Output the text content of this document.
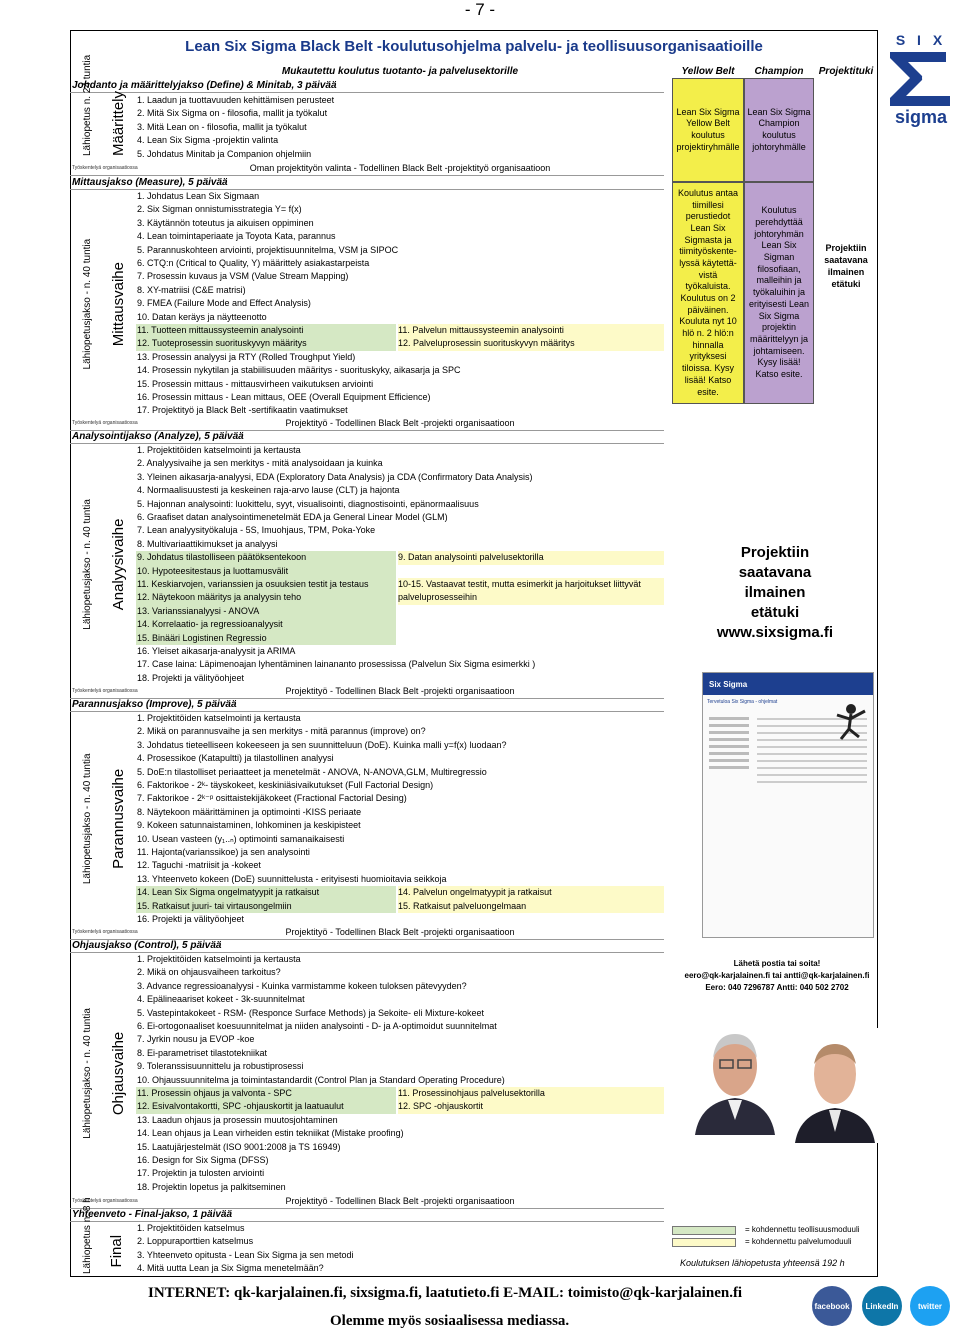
- 7 -
Lean Six Sigma Black Belt -koulutusohjelma palvelu- ja teollisuusorganisaatioille
Mukautettu koulutus tuotanto- ja palvelusektorille	Yellow Belt	Champion	Projektituki
S I X
sigma
Lean Six Sigma Yellow Belt koulutus projektiryhmälle
Lean Six Sigma Champion koulutus johtoryhmälle
Koulutus antaa tiimillesi perustiedot Lean Six Sigmasta ja tiimityöskente-lyssä käytettä-vistä työkaluista. Koulutus on 2 päiväinen. Koulutа nyt 10 hlö n. 2 hlö:n hinnalla yrityksesi tiloissa. Kysy lisää! Katso esite.
Koulutus perehdyttää johtoryhmän Lean Six Sigman filosofiaan, malleihin ja työkaluihin ja erityisesti Lean Six Sigma projektin määrittelyyn ja johtamiseen. Kysy lisää! Katso esite.
Projektiin saatavana ilmainen etätuki
Projektiin
saatavana
ilmainen
etätuki
www.sixsigma.fi
Six Sigma
Tervetuloa Six Sigma - ohjelmat
Lähetä postia tai soita!
eero@qk-karjalainen.fi tai antti@qk-karjalainen.fi
Eero: 040 7296787 Antti: 040 502 2702
= kohdennettu teollisuusmoduuli
= kohdennettu palvelumoduuli
Koulutuksen lähiopetusta yhteensä 192 h
INTERNET: qk-karjalainen.fi, sixsigma.fi, laatutieto.fi E-MAIL: toimisto@qk-karjalainen.fi
Olemme myös sosiaalisessa mediassa.
facebook	LinkedIn	twitter
Johdanto ja määrittelyjakso (Define) & Minitab, 3 päivää
1. Laadun ja tuottavuuden kehittämisen perusteet
2. Mitä Six Sigma on - filosofia, mallit ja työkalut
3. Mitä Lean on - filosofia, mallit ja työkalut
4. Lean Six Sigma -projektin valinta
5. Johdatus Minitab ja Companion ohjelmiin
Lähiopetus n. 24 tuntia Määrittely
Työskentelyä organisaatiossa	Oman projektityön valinta - Todellinen Black Belt -projektityö organisaatioon
Mittausjakso (Measure), 5 päivää
1. Johdatus Lean Six Sigmaan
2. Six Sigman onnistumisstrategia Y= f(x)
3. Käytännön toteutus ja aikuisen oppiminen
4. Lean toimintaperiaate ja Toyota Kata, parannus
5. Parannuskohteen arviointi, projektisuunnitelma, VSM ja SIPOC
6. CTQ:n (Critical to Quality, Y) määrittely asiakastarpeista
7. Prosessin kuvaus ja VSM (Value Stream Mapping)
8. XY-matriisi (C&E matrisi)
9. FMEA (Failure Mode and Effect Analysis)
10. Datan keräys ja näytteenotto
11. Tuotteen mittaussysteemin analysointi	11. Palvelun mittaussysteemin analysointi
12. Tuoteprosessin suorituskyvyn määritys	12. Palveluprosessin suorituskyvyn määritys
13. Prosessin analyysi ja RTY (Rolled Troughput Yield)
14. Prosessin nykytilan ja stabiilisuuden määritys - suorituskyky, aikasarja ja SPC
15. Prosessin mittaus - mittausvirheen vaikutuksen arviointi
16. Prosessin mittaus - Lean mittaus, OEE (Overall Equipment Efficience)
17. Projektityö ja Black Belt -sertifikaatin vaatimukset
Lähiopetusjakso - n. 40 tuntia Mittausvaihe
Työskentelyä organisaatiossa	Projektityö - Todellinen Black Belt -projekti organisaatioon
Analysointijakso (Analyze), 5 päivää
1. Projektitöiden katselmointi ja kertausta
2. Analyysivaihe ja sen merkitys - mitä analysoidaan ja kuinka
3. Yleinen aikasarja-analyysi, EDA (Exploratory Data Analysis) ja CDA (Confirmatory Data Analysis)
4. Normaalisuustesti ja keskeinen raja-arvo lause (CLT) ja hajonta
5. Hajonnan analysointi: luokittelu, syyt, visualisointi, diagnostisointi, epänormaalisuus
6. Graafiset datan analysointimenetelmät EDA ja General Linear Model (GLM)
7. Lean analyysityökaluja - 5S, Imuohjaus, TPM, Poka-Yoke
8. Multivariaattikimukset ja analyysi
9. Johdatus tilastolliseen päätöksentekoon	9. Datan analysointi palvelusektorilla
10. Hypoteesitestaus ja luottamusvälit
11. Keskiarvojen, varianssien ja osuuksien testit ja testaus	10-15. Vastaavat testit, mutta esimerkit ja harjoitukset liittyvät
12. Näytekoon määritys ja analyysin teho	palveluprosesseihin
13. Varianssianalyysi - ANOVA
14. Korrelaatio- ja regressioanalyysit
15. Binääri Logistinen Regressio
16. Yleiset aikasarja-analyysit ja ARIMA
17. Case laina: Läpimenoajan lyhentäminen lainananto prosessissa (Palvelun Six Sigma esimerkki )
18. Projekti ja välityöohjeet
Lähiopetusjakso - n. 40 tuntia Analyysivaihe
Työskentelyä organisaatiossa	Projektityö - Todellinen Black Belt -projekti organisaatioon
Parannusjakso (Improve), 5 päivää
1. Projektitöiden katselmointi ja kertausta
2. Mikä on parannusvaihe ja sen merkitys - mitä parannus (improve) on?
3. Johdatus tieteelliseen kokeeseen ja sen suunnitteluun (DoE). Kuinka malli y=f(x) luodaan?
4. Prosessikoe (Katapultti) ja tilastollinen analyysi
5. DoE:n tilastolliset periaatteet ja menetelmät - ANOVA, N-ANOVA,GLM, Multiregressio
6. Faktorikoe - 2ᵏ- täyskokeet, keskiniäsivaikutukset (Full Factorial Design)
7. Faktorikoe - 2ᵏ⁻ᵖ osittaistekijäkokeet (Fractional Factorial Desing)
8. Näytekoon määrittäminen ja optimointi -KISS periaate
9. Kokeen satunnaistaminen, lohkominen ja keskipisteet
10. Usean vasteen (y₁..ₙ) optimointi samanaikaisesti
11. Hajonta(varianssikoe) ja sen analysointi
12. Taguchi -matriisit ja -kokeet
13. Yhteenveto kokeen (DoE) suunnittelusta - erityisesti huomioitavia seikkoja
14. Lean Six Sigma ongelmatyypit ja ratkaisut	14. Palvelun ongelmatyypit ja ratkaisut
15. Ratkaisut juuri- tai virtausongelmiin	15. Ratkaisut palveluongelmaan
16. Projekti ja välityöohjeet
Lähiopetusjakso - n. 40 tuntia Parannusvaihe
Työskentelyä organisaatiossa	Projektityö - Todellinen Black Belt -projekti organisaatioon
Ohjausjakso (Control), 5 päivää
1. Projektitöiden katselmointi ja kertausta
2. Mikä on ohjausvaiheen tarkoitus?
3. Advance regressioanalyysi - Kuinka varmistamme kokeen tuloksen pätevyyden?
4. Epälineaariset kokeet - 3k-suunnitelmat
5. Vastepintakokeet - RSM- (Responce Surface Methods) ja Sekoite- eli Mixture-kokeet
6. Ei-ortogonaaliset koesuunnitelmat ja niiden analysointi - D- ja A-optimoidut suunnitelmat
7. Jyrkin nousu ja EVOP -koe
8. Ei-parametriset tilastotekniikat
9. Toleranssisuunnittelu ja robustiprosessi
10. Ohjaussuunnitelma ja toimintastandardit (Control Plan ja Standard Operating Procedure)
11. Prosessin ohjaus ja valvonta - SPC	11. Prosessinohjaus palvelusektorilla
12. Esivalvontakortti, SPC -ohjauskortit ja laatuaulut	12. SPC -ohjauskortit
13. Laadun ohjaus ja prosessin muutosjohtaminen
14. Lean ohjaus ja Lean virheiden estin tekniikat (Mistake proofing)
15. Laatujärjestelmät (ISO 9001:2008 ja TS 16949)
16. Design for Six Sigma (DFSS)
17. Projektin ja tulosten arviointi
18. Projektin lopetus ja palkitseminen
Lähiopetusjakso - n. 40 tuntia Ohjausvaihe
Työskentelyä organisaatiossa	Projektityö - Todellinen Black Belt -projekti organisaatioon
Yhteenveto - Final-jakso, 1 päivää
1. Projektitöiden katselmus
2. Loppuraporttien katselmus
3. Yhteenveto opitusta - Lean Six Sigma ja sen metodi
4. Mitä uutta Lean ja Six Sigma menetelmään?
Lähiopetus n. 8 h Final
